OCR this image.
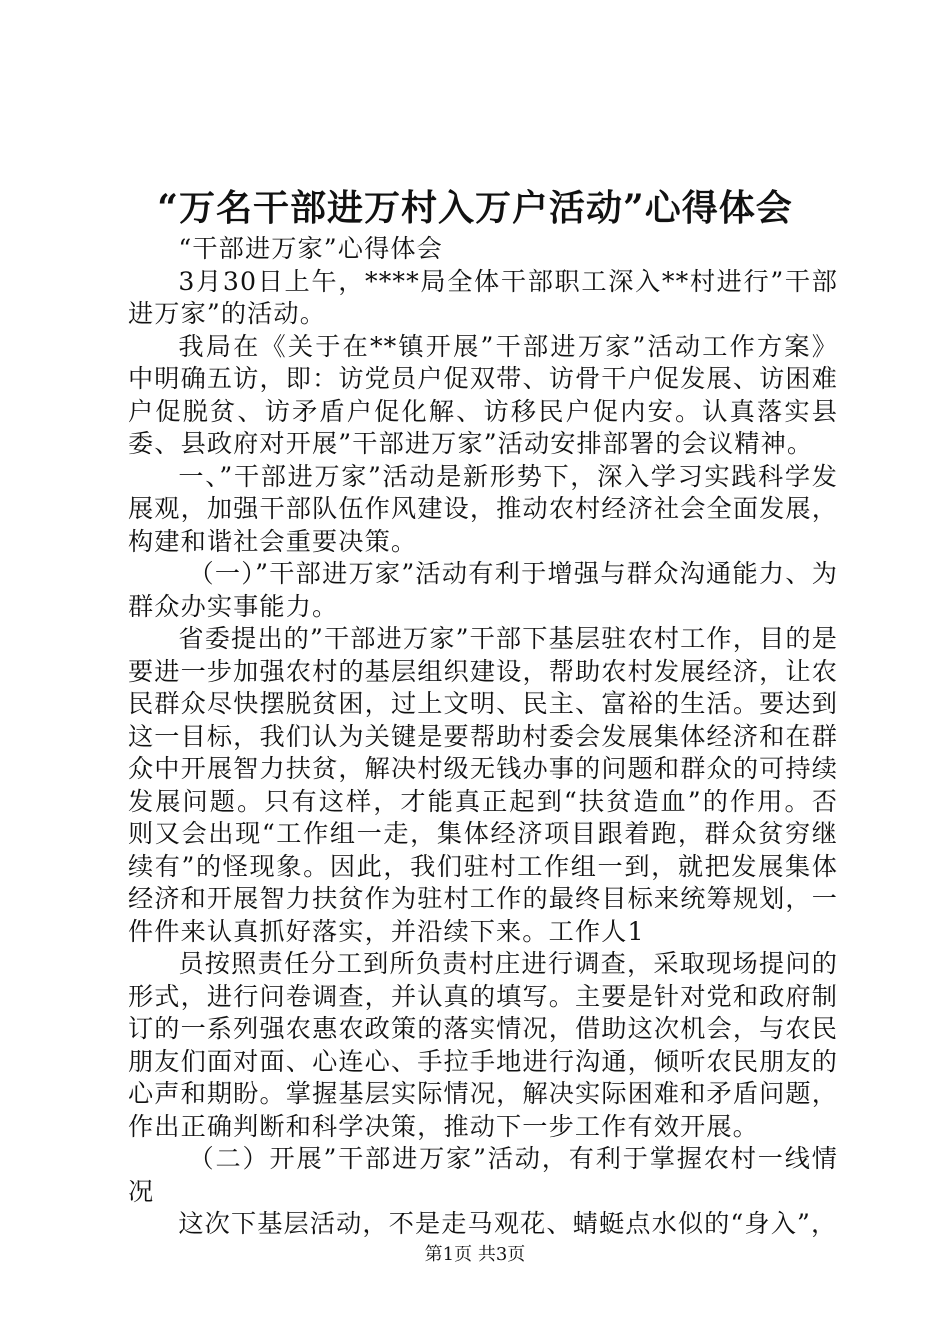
“万名干部进万村入万户活动”心得体会

“干部进万家”心得体会

3月30日上午，****局全体干部职工深入**村进行”干部进万家”的活动。

我局在《关于在**镇开展”干部进万家”活动工作方案》中明确五访，即：访党员户促双带、访骨干户促发展、访困难户促脱贫、访矛盾户促化解、访移民户促内安。认真落实县委、县政府对开展”干部进万家”活动安排部署的会议精神。

一、”干部进万家”活动是新形势下，深入学习实践科学发展观，加强干部队伍作风建设，推动农村经济社会全面发展，构建和谐社会重要决策。

（一）”干部进万家”活动有利于增强与群众沟通能力、为群众办实事能力。

省委提出的”干部进万家”干部下基层驻农村工作，目的是要进一步加强农村的基层组织建设，帮助农村发展经济，让农民群众尽快摆脱贫困，过上文明、民主、富裕的生活。要达到这一目标，我们认为关键是要帮助村委会发展集体经济和在群众中开展智力扶贫，解决村级无钱办事的问题和群众的可持续发展问题。只有这样，才能真正起到“扶贫造血”的作用。否则又会出现“工作组一走，集体经济项目跟着跑，群众贫穷继续有”的怪现象。因此，我们驻村工作组一到，就把发展集体经济和开展智力扶贫作为驻村工作的最终目标来统筹规划，一件件来认真抓好落实，并沿续下来。工作人1

员按照责任分工到所负责村庄进行调查，采取现场提问的形式，进行问卷调查，并认真的填写。主要是针对党和政府制订的一系列强农惠农政策的落实情况，借助这次机会，与农民朋友们面对面、心连心、手拉手地进行沟通，倾听农民朋友的心声和期盼。掌握基层实际情况，解决实际困难和矛盾问题，作出正确判断和科学决策，推动下一步工作有效开展。

（二）开展”干部进万家”活动，有利于掌握农村一线情况

这次下基层活动，不是走马观花、蜻蜓点水似的“身入”，

第1页 共3页
